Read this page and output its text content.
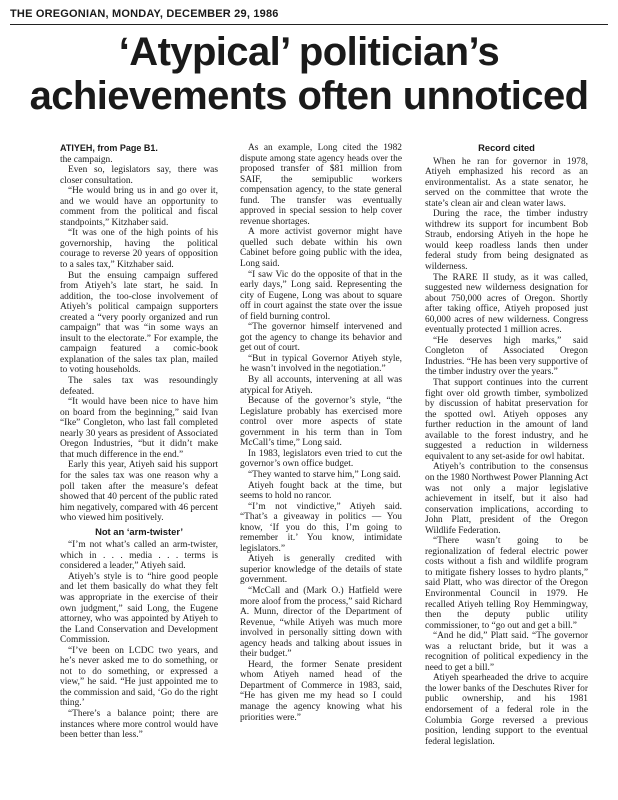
THE OREGONIAN, MONDAY, DECEMBER 29, 1986
‘Atypical’ politician’s
achievements often unnoticed
ATIYEH, from Page B1.

the campaign.

Even so, legislators say, there was closer consultation.

“He would bring us in and go over it, and we would have an opportunity to comment from the political and fiscal standpoints,” Kitzhaber said.

“It was one of the high points of his governorship, having the political courage to reverse 20 years of opposition to a sales tax,” Kitzhaber said.

But the ensuing campaign suffered from Atiyeh’s late start, he said. In addition, the too-close involvement of Atiyeh’s political campaign supporters created a “very poorly organized and run campaign” that was “in some ways an insult to the electorate.” For example, the campaign featured a comic-book explanation of the sales tax plan, mailed to voting households.

The sales tax was resoundingly defeated.

“It would have been nice to have him on board from the beginning,” said Ivan “Ike” Congleton, who last fall completed nearly 30 years as president of Associated Oregon Industries, “but it didn’t make that much difference in the end.”

Early this year, Atiyeh said his support for the sales tax was one reason why a poll taken after the measure’s defeat showed that 40 percent of the public rated him negatively, compared with 46 percent who viewed him positively.

Not an ‘arm-twister’

“I’m not what’s called an arm-twister, which in . . . media . . . terms is considered a leader,” Atiyeh said.

Atiyeh’s style is to “hire good people and let them basically do what they felt was appropriate in the exercise of their own judgment,” said Long, the Eugene attorney, who was appointed by Atiyeh to the Land Conservation and Development Commission.

“I’ve been on LCDC two years, and he’s never asked me to do something, or not to do something, or expressed a view,” he said. “He just appointed me to the commission and said, ‘Go do the right thing.’

“There’s a balance point; there are instances where more control would have been better than less.”

As an example, Long cited the 1982 dispute among state agency heads over the proposed transfer of $81 million from SAIF, the semipublic workers compensation agency, to the state general fund. The transfer was eventually approved in special session to help cover revenue shortages.

A more activist governor might have quelled such debate within his own Cabinet before going public with the idea, Long said.

“I saw Vic do the opposite of that in the early days,” Long said. Representing the city of Eugene, Long was about to square off in court against the state over the issue of field burning control.

“The governor himself intervened and got the agency to change its behavior and get out of court.

“But in typical Governor Atiyeh style, he wasn’t involved in the negotiation.”

By all accounts, intervening at all was atypical for Atiyeh.

Because of the governor’s style, “the Legislature probably has exercised more control over more aspects of state government in his term than in Tom McCall’s time,” Long said.

In 1983, legislators even tried to cut the governor’s own office budget.

“They wanted to starve him,” Long said.

Atiyeh fought back at the time, but seems to hold no rancor.

“I’m not vindictive,” Atiyeh said. “That’s a giveaway in politics — You know, ‘If you do this, I’m going to remember it.’ You know, intimidate legislators.”

Atiyeh is generally credited with superior knowledge of the details of state government.

“McCall and (Mark O.) Hatfield were more aloof from the process,” said Richard A. Munn, director of the Department of Revenue, “while Atiyeh was much more involved in personally sitting down with agency heads and talking about issues in their budget.”

Heard, the former Senate president whom Atiyeh named head of the Department of Commerce in 1983, said, “He has given me my head so I could manage the agency knowing what his priorities were.”

Record cited

When he ran for governor in 1978, Atiyeh emphasized his record as an environmentalist. As a state senator, he served on the committee that wrote the state’s clean air and clean water laws.

During the race, the timber industry withdrew its support for incumbent Bob Straub, endorsing Atiyeh in the hope he would keep roadless lands then under federal study from being designated as wilderness.

The RARE II study, as it was called, suggested new wilderness designation for about 750,000 acres of Oregon. Shortly after taking office, Atiyeh proposed just 60,000 acres of new wilderness. Congress eventually protected 1 million acres.

“He deserves high marks,” said Congleton of Associated Oregon Industries. “He has been very supportive of the timber industry over the years.”

That support continues into the current fight over old growth timber, symbolized by discussion of habitat preservation for the spotted owl. Atiyeh opposes any further reduction in the amount of land available to the forest industry, and he suggested a reduction in wilderness equivalent to any set-aside for owl habitat.

Atiyeh’s contribution to the consensus on the 1980 Northwest Power Planning Act was not only a major legislative achievement in itself, but it also had conservation implications, according to John Platt, president of the Oregon Wildlife Federation.

“There wasn’t going to be regionalization of federal electric power costs without a fish and wildlife program to mitigate fishery losses to hydro plants,” said Platt, who was director of the Oregon Environmental Council in 1979. He recalled Atiyeh telling Roy Hemmingway, then the deputy public utility commissioner, to “go out and get a bill.”

“And he did,” Platt said. “The governor was a reluctant bride, but it was a recognition of political expediency in the need to get a bill.”

Atiyeh spearheaded the drive to acquire the lower banks of the Deschutes River for public ownership, and his 1981 endorsement of a federal role in the Columbia Gorge reversed a previous position, lending support to the eventual federal legislation.
